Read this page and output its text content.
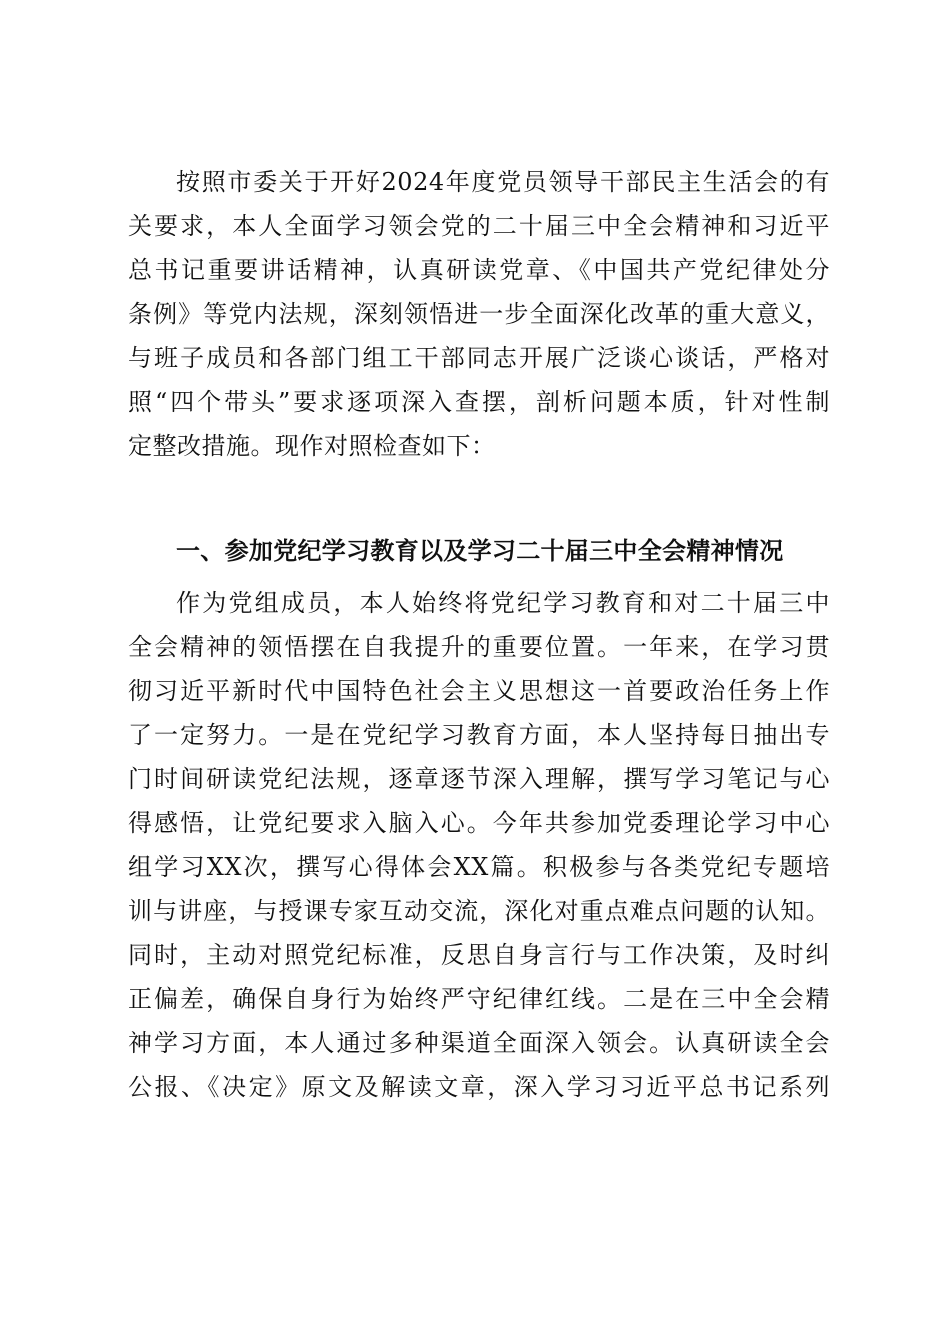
按照市委关于开好2024年度党员领导干部民主生活会的有
关要求，本人全面学习领会党的二十届三中全会精神和习近平
总书记重要讲话精神，认真研读党章、《中国共产党纪律处分
条例》等党内法规，深刻领悟进一步全面深化改革的重大意义，
与班子成员和各部门组工干部同志开展广泛谈心谈话，严格对
照“四个带头”要求逐项深入查摆，剖析问题本质，针对性制
定整改措施。现作对照检查如下：
一、参加党纪学习教育以及学习二十届三中全会精神情况
作为党组成员，本人始终将党纪学习教育和对二十届三中
全会精神的领悟摆在自我提升的重要位置。一年来，在学习贯
彻习近平新时代中国特色社会主义思想这一首要政治任务上作
了一定努力。一是在党纪学习教育方面，本人坚持每日抽出专
门时间研读党纪法规，逐章逐节深入理解，撰写学习笔记与心
得感悟，让党纪要求入脑入心。今年共参加党委理论学习中心
组学习XX次，撰写心得体会XX篇。积极参与各类党纪专题培
训与讲座，与授课专家互动交流，深化对重点难点问题的认知。
同时，主动对照党纪标准，反思自身言行与工作决策，及时纠
正偏差，确保自身行为始终严守纪律红线。二是在三中全会精
神学习方面，本人通过多种渠道全面深入领会。认真研读全会
公报、《决定》原文及解读文章，深入学习习近平总书记系列
